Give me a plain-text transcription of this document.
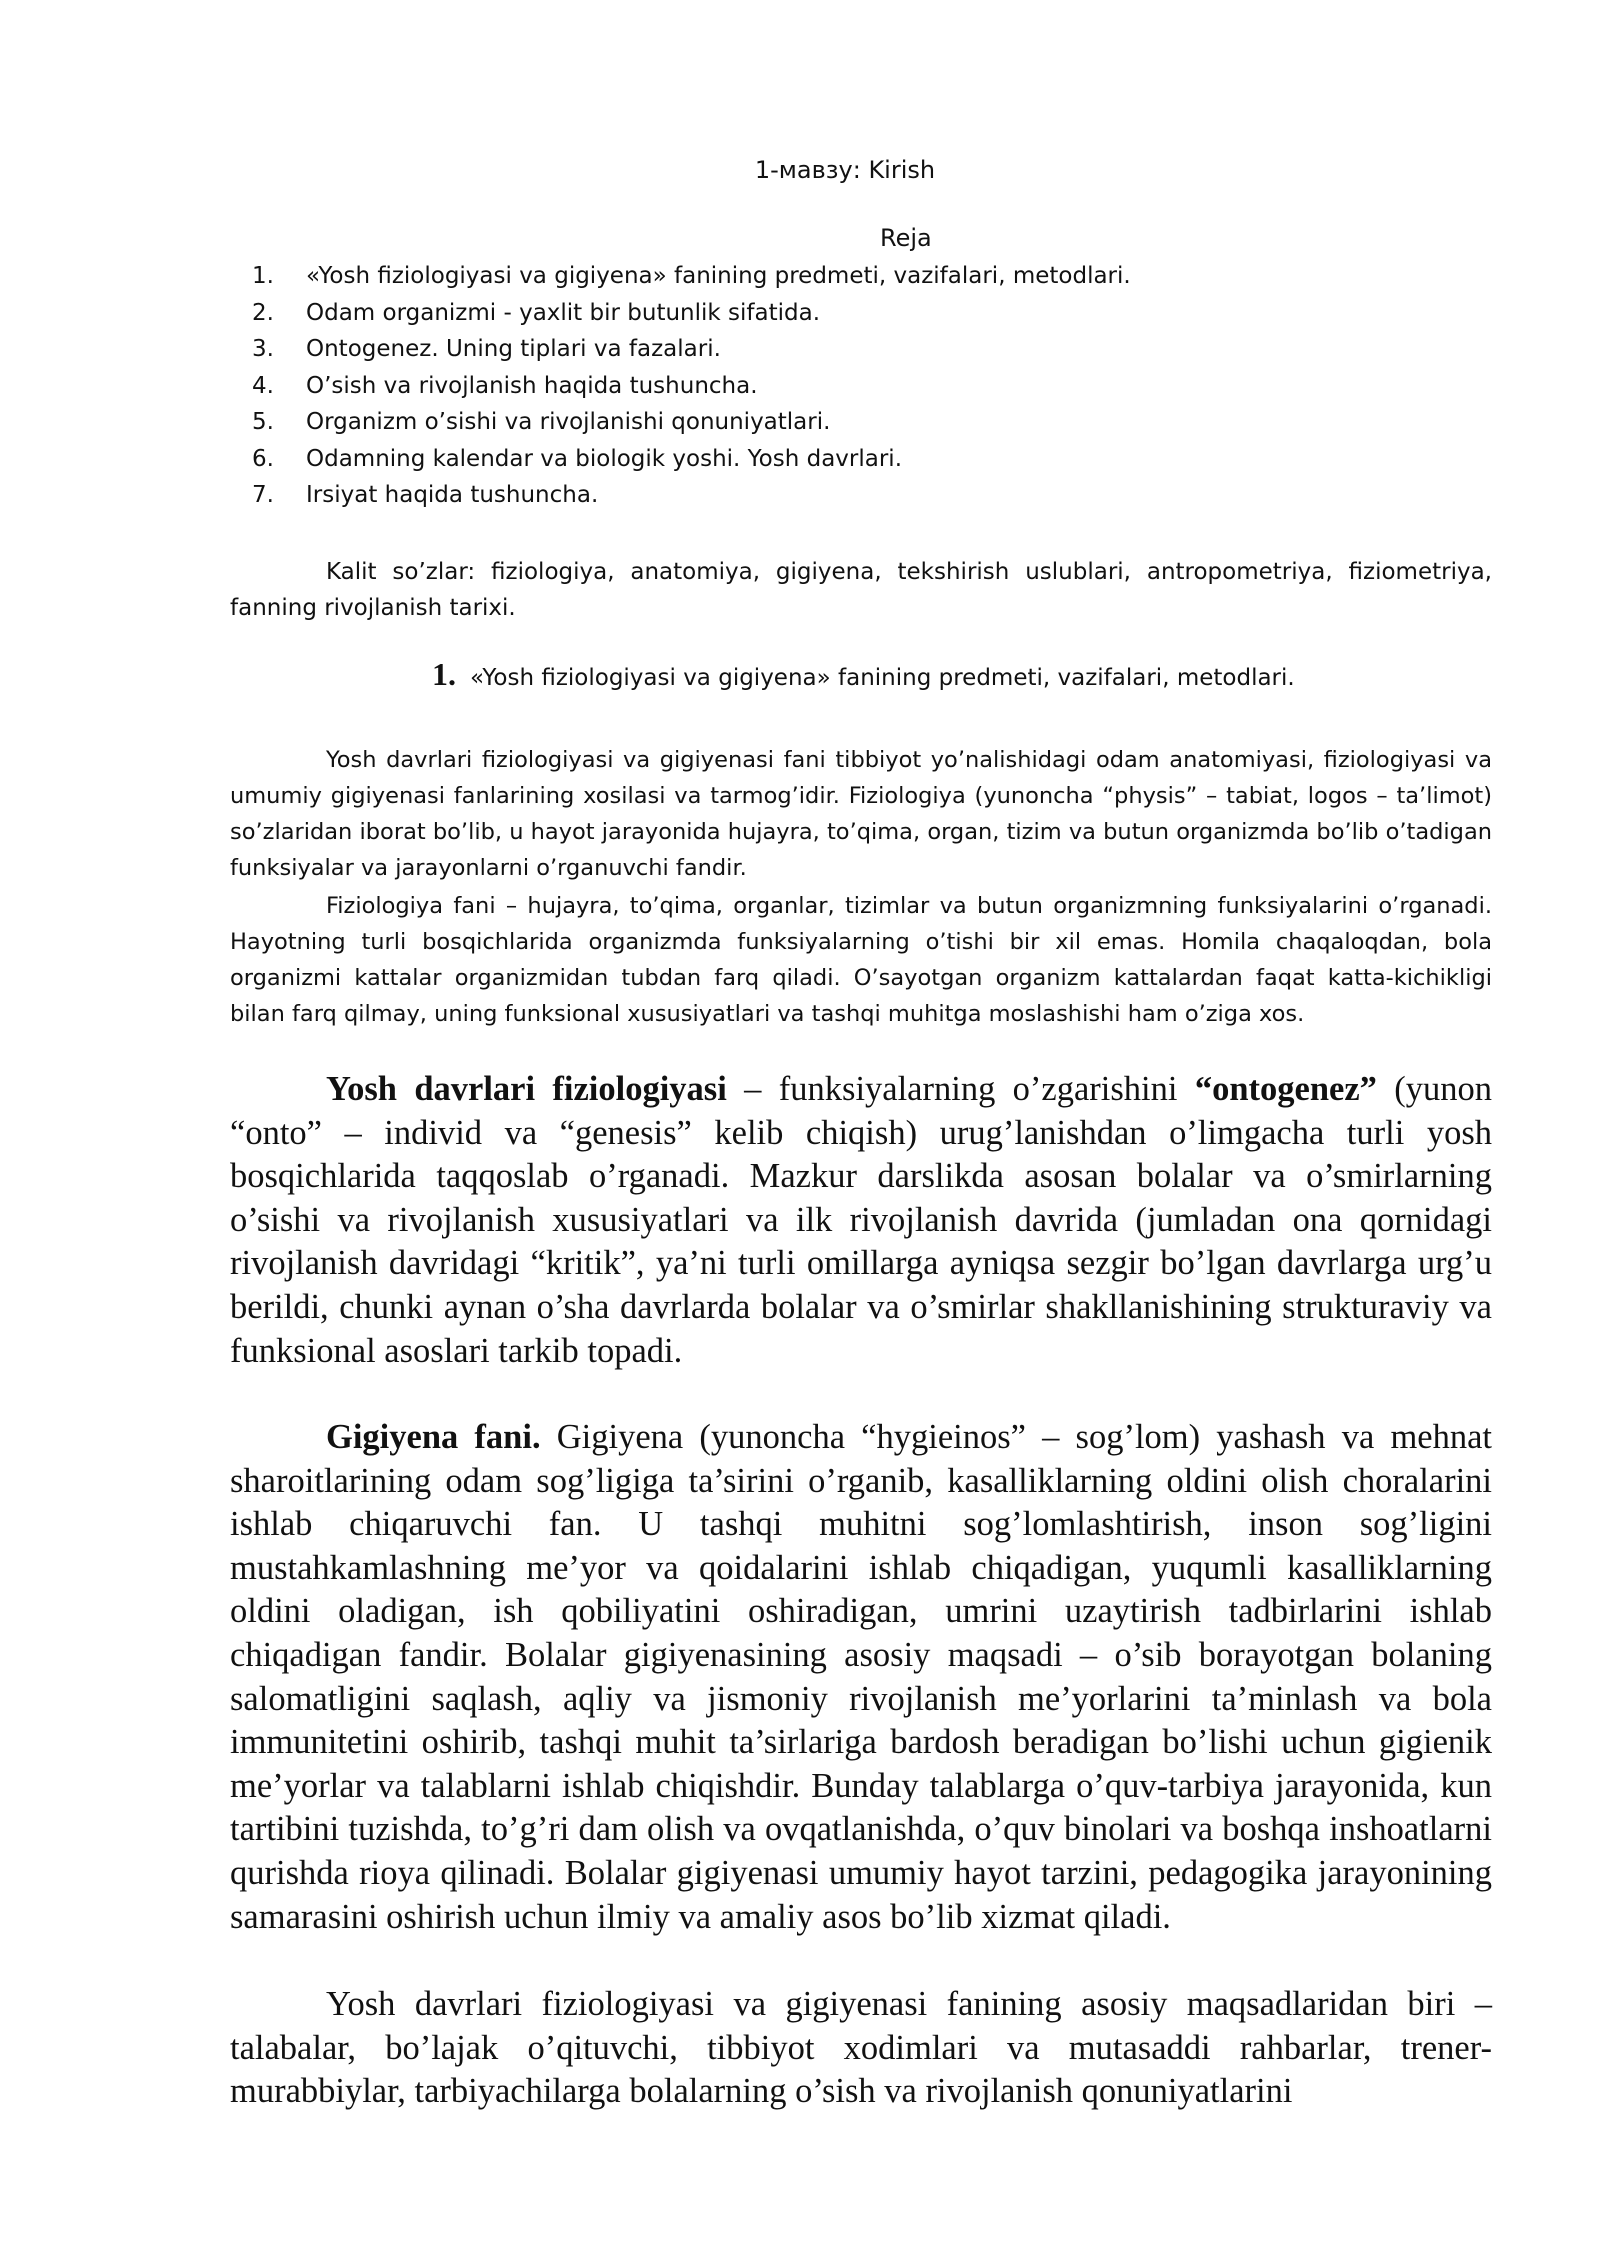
1-мавзу: Kirish
Reja
1. «Yosh fiziologiyasi va gigiyena» fanining predmeti, vazifalari, metodlari.
2. Odam organizmi - yaxlit bir butunlik sifatida.
3. Ontogenez. Uning tiplari va fazalari.
4. O’sish va rivojlanish haqida tushuncha.
5. Organizm o’sishi va rivojlanishi qonuniyatlari.
6. Odamning kalendar va biologik yoshi. Yosh davrlari.
7. Irsiyat haqida tushuncha.

Kalit so’zlar: fiziologiya, anatomiya, gigiyena, tekshirish uslublari, antropometriya, fiziometriya, fanning rivojlanish tarixi.

1. «Yosh fiziologiyasi va gigiyena» fanining predmeti, vazifalari, metodlari.

Yosh davrlari fiziologiyasi va gigiyenasi fani tibbiyot yo’nalishidagi odam anatomiyasi, fiziologiyasi va umumiy gigiyenasi fanlarining xosilasi va tarmog’idir. Fiziologiya (yunoncha “physis” – tabiat, logos – ta’limot) so’zlaridan iborat bo’lib, u hayot jarayonida hujayra, to’qima, organ, tizim va butun organizmda bo’lib o’tadigan funksiyalar va jarayonlarni o’rganuvchi fandir.

Fiziologiya fani – hujayra, to’qima, organlar, tizimlar va butun organizmning funksiyalarini o’rganadi. Hayotning turli bosqichlarida organizmda funksiyalarning o’tishi bir xil emas. Homila chaqaloqdan, bola organizmi kattalar organizmidan tubdan farq qiladi. O’sayotgan organizm kattalardan faqat katta-kichikligi bilan farq qilmay, uning funksional xususiyatlari va tashqi muhitga moslashishi ham o’ziga xos.

Yosh davrlari fiziologiyasi – funksiyalarning o’zgarishini “ontogenez” (yunon “onto” – individ va “genesis” kelib chiqish) urug’lanishdan o’limgacha turli yosh bosqichlarida taqqoslab o’rganadi. Mazkur darslikda asosan bolalar va o’smirlarning o’sishi va rivojlanish xususiyatlari va ilk rivojlanish davrida (jumladan ona qornidagi rivojlanish davridagi “kritik”, ya’ni turli omillarga ayniqsa sezgir bo’lgan davrlarga urg’u berildi, chunki aynan o’sha davrlarda bolalar va o’smirlar shakllanishining strukturaviy va funksional asoslari tarkib topadi.

Gigiyena fani. Gigiyena (yunoncha “hygieinos” – sog’lom) yashash va mehnat sharoitlarining odam sog’ligiga ta’sirini o’rganib, kasalliklarning oldini olish choralarini ishlab chiqaruvchi fan. U tashqi muhitni sog’lomlashtirish, inson sog’ligini mustahkamlashning me’yor va qoidalarini ishlab chiqadigan, yuqumli kasalliklarning oldini oladigan, ish qobiliyatini oshiradigan, umrini uzaytirish tadbirlarini ishlab chiqadigan fandir. Bolalar gigiyenasining asosiy maqsadi – o’sib borayotgan bolaning salomatligini saqlash, aqliy va jismoniy rivojlanish me’yorlarini ta’minlash va bola immunitetini oshirib, tashqi muhit ta’sirlariga bardosh beradigan bo’lishi uchun gigienik me’yorlar va talablarni ishlab chiqishdir. Bunday talablarga o’quv-tarbiya jarayonida, kun tartibini tuzishda, to’g’ri dam olish va ovqatlanishda, o’quv binolari va boshqa inshoatlarni qurishda rioya qilinadi. Bolalar gigiyenasi umumiy hayot tarzini, pedagogika jarayonining samarasini oshirish uchun ilmiy va amaliy asos bo’lib xizmat qiladi.

Yosh davrlari fiziologiyasi va gigiyenasi fanining asosiy maqsadlaridan biri – talabalar, bo’lajak o’qituvchi, tibbiyot xodimlari va mutasaddi rahbarlar, trener-murabbiylar, tarbiyachilarga bolalarning o’sish va rivojlanish qonuniyatlarini
